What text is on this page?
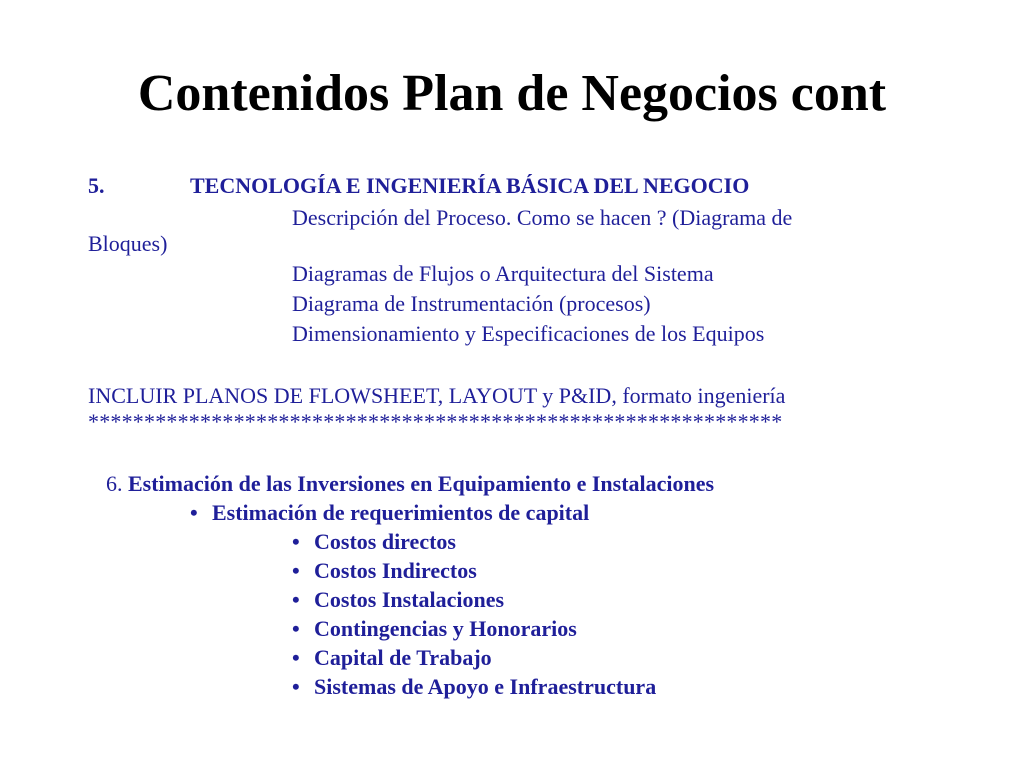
Contenidos Plan de Negocios cont
5.	TECNOLOGÍA E INGENIERÍA BÁSICA DEL NEGOCIO
Descripción del Proceso. Como se hacen ? (Diagrama de
Bloques)
Diagramas de Flujos o Arquitectura del Sistema
Diagrama de Instrumentación (procesos)
Dimensionamiento y Especificaciones de los Equipos
INCLUIR PLANOS DE FLOWSHEET, LAYOUT y P&ID, formato ingeniería
**************************************************************
6. Estimación de las Inversiones en Equipamiento e Instalaciones
• Estimación de requerimientos de capital
• Costos directos
• Costos Indirectos
• Costos Instalaciones
• Contingencias y Honorarios
• Capital de Trabajo
• Sistemas de Apoyo e Infraestructura
